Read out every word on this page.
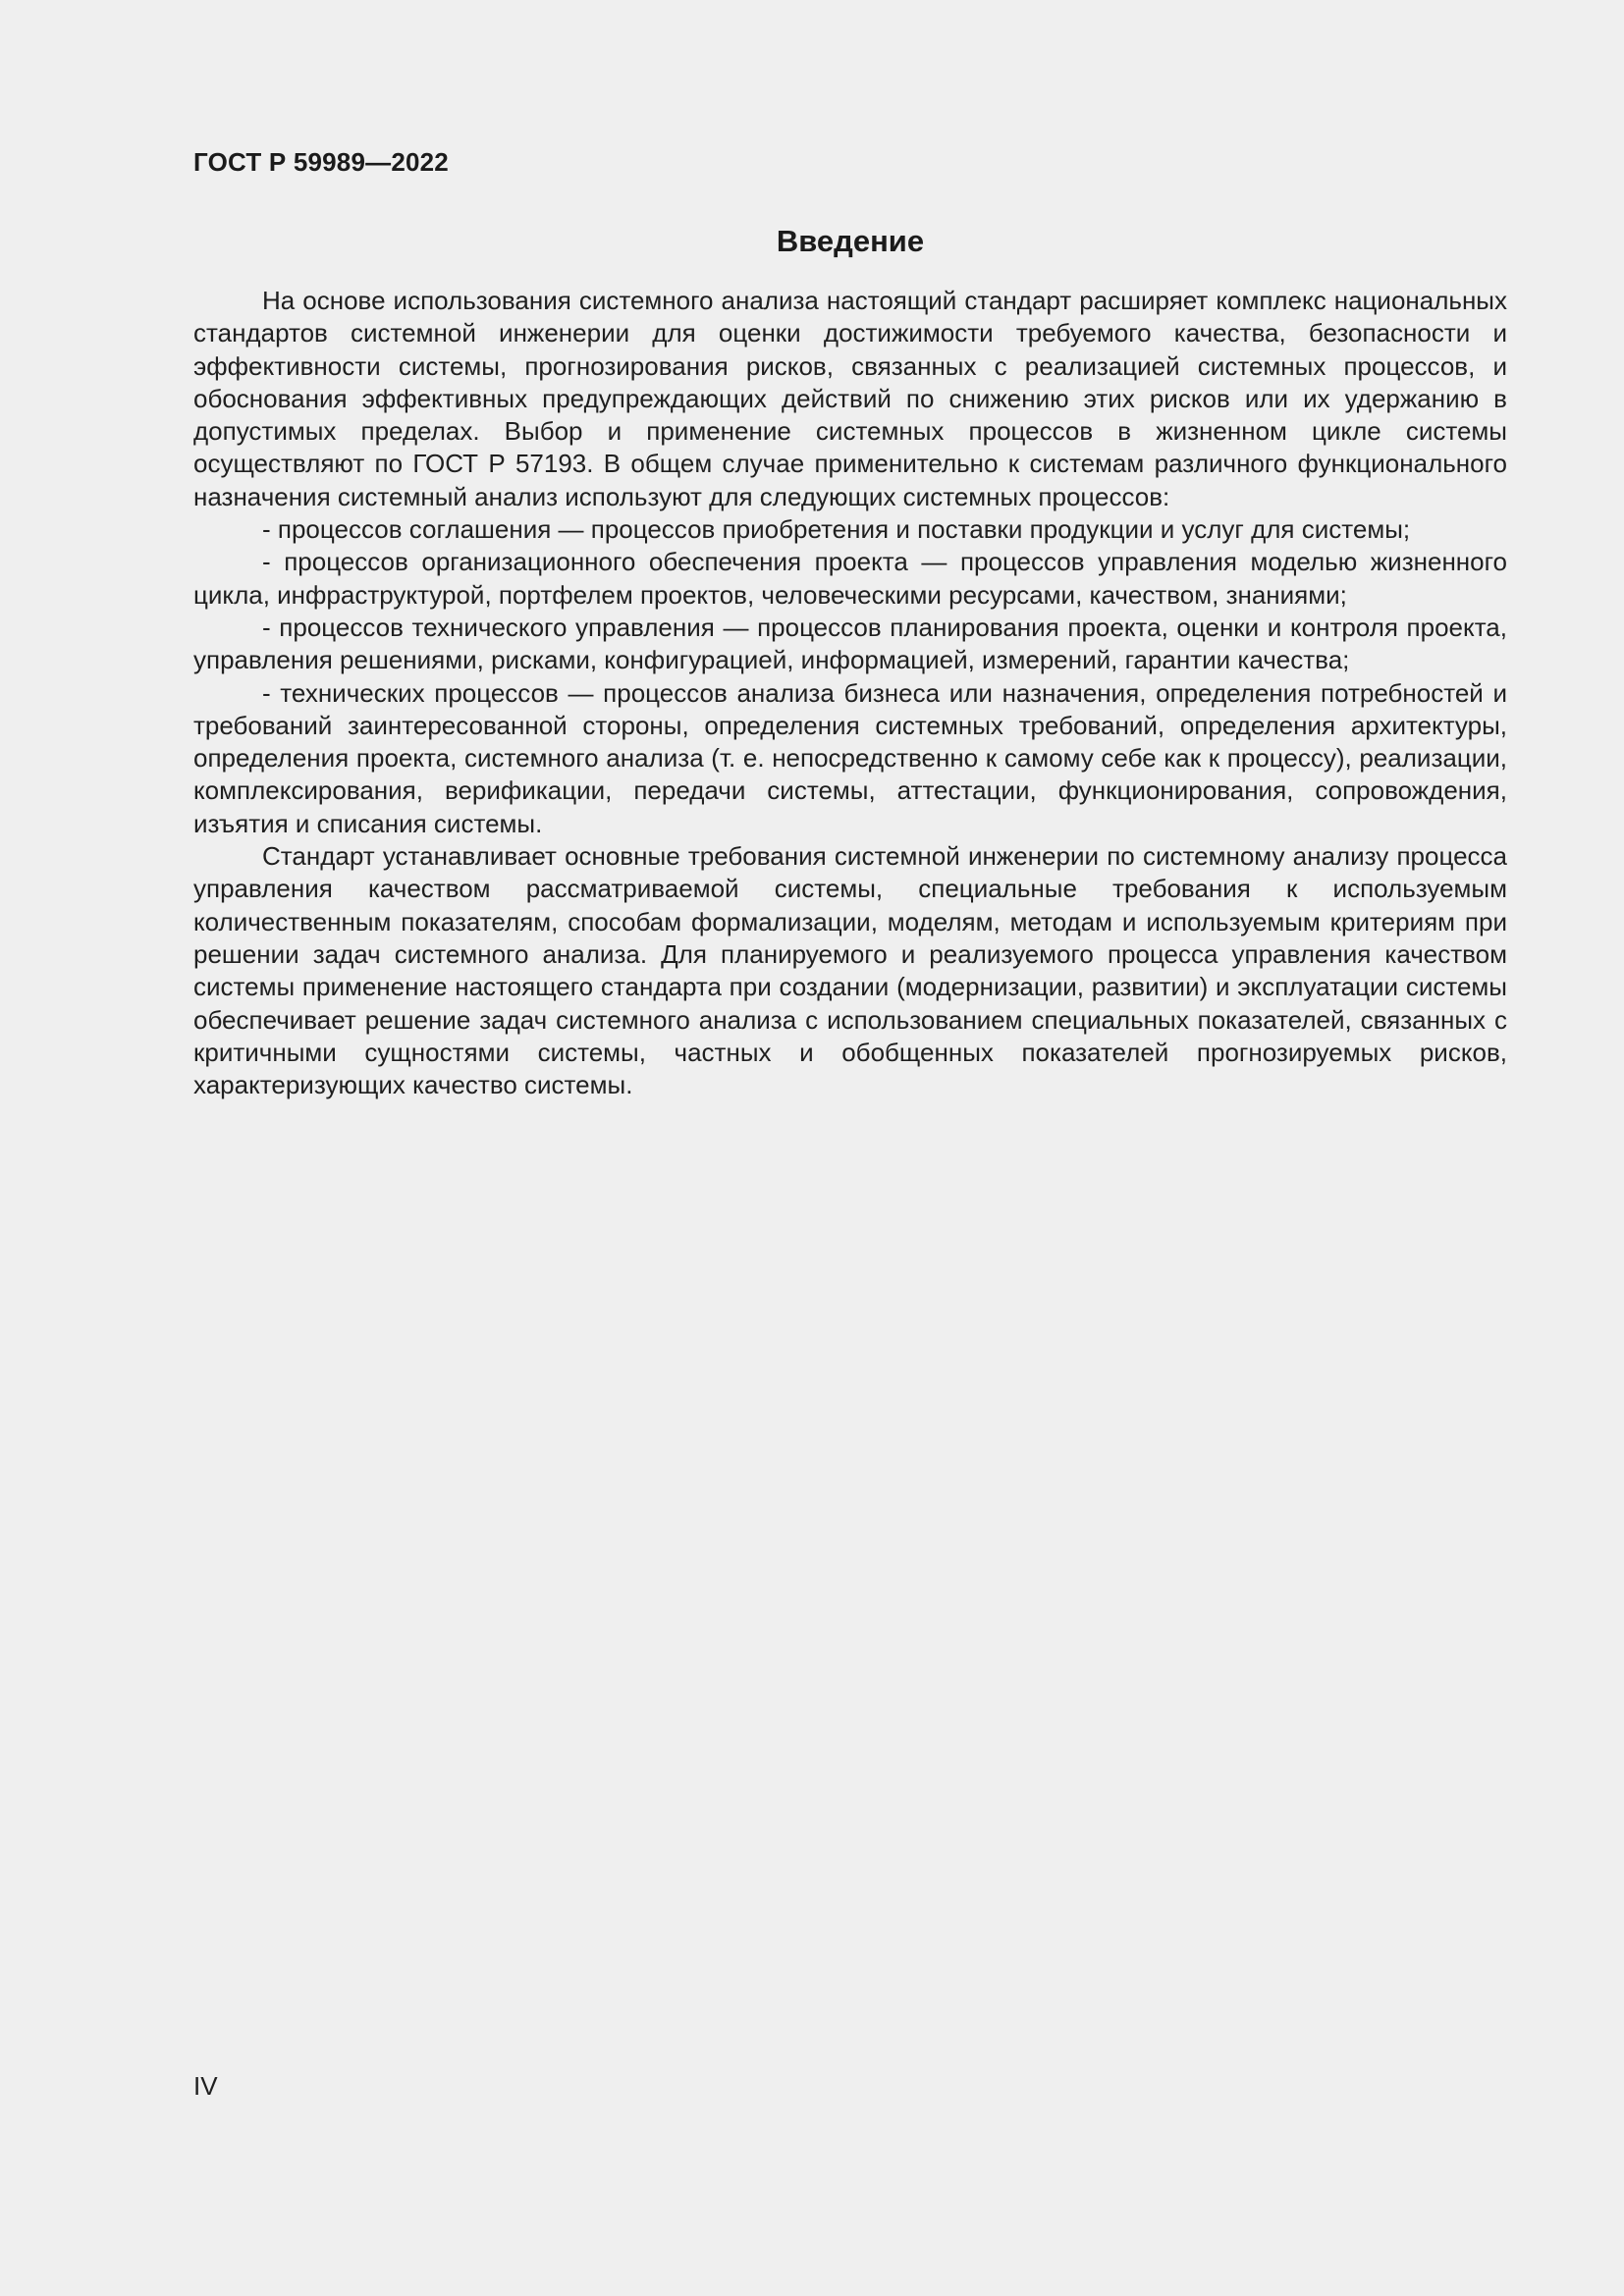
ГОСТ Р 59989—2022
Введение

На основе использования системного анализа настоящий стандарт расширяет комплекс национальных стандартов системной инженерии для оценки достижимости требуемого качества, безопасности и эффективности системы, прогнозирования рисков, связанных с реализацией системных процессов, и обоснования эффективных предупреждающих действий по снижению этих рисков или их удержанию в допустимых пределах. Выбор и применение системных процессов в жизненном цикле системы осуществляют по ГОСТ Р 57193. В общем случае применительно к системам различного функционального назначения системный анализ используют для следующих системных процессов:

- процессов соглашения — процессов приобретения и поставки продукции и услуг для системы;

- процессов организационного обеспечения проекта — процессов управления моделью жизненного цикла, инфраструктурой, портфелем проектов, человеческими ресурсами, качеством, знаниями;

- процессов технического управления — процессов планирования проекта, оценки и контроля проекта, управления решениями, рисками, конфигурацией, информацией, измерений, гарантии качества;

- технических процессов — процессов анализа бизнеса или назначения, определения потребностей и требований заинтересованной стороны, определения системных требований, определения архитектуры, определения проекта, системного анализа (т. е. непосредственно к самому себе как к процессу), реализации, комплексирования, верификации, передачи системы, аттестации, функционирования, сопровождения, изъятия и списания системы.

Стандарт устанавливает основные требования системной инженерии по системному анализу процесса управления качеством рассматриваемой системы, специальные требования к используемым количественным показателям, способам формализации, моделям, методам и используемым критериям при решении задач системного анализа. Для планируемого и реализуемого процесса управления качеством системы применение настоящего стандарта при создании (модернизации, развитии) и эксплуатации системы обеспечивает решение задач системного анализа с использованием специальных показателей, связанных с критичными сущностями системы, частных и обобщенных показателей прогнозируемых рисков, характеризующих качество системы.

IV
